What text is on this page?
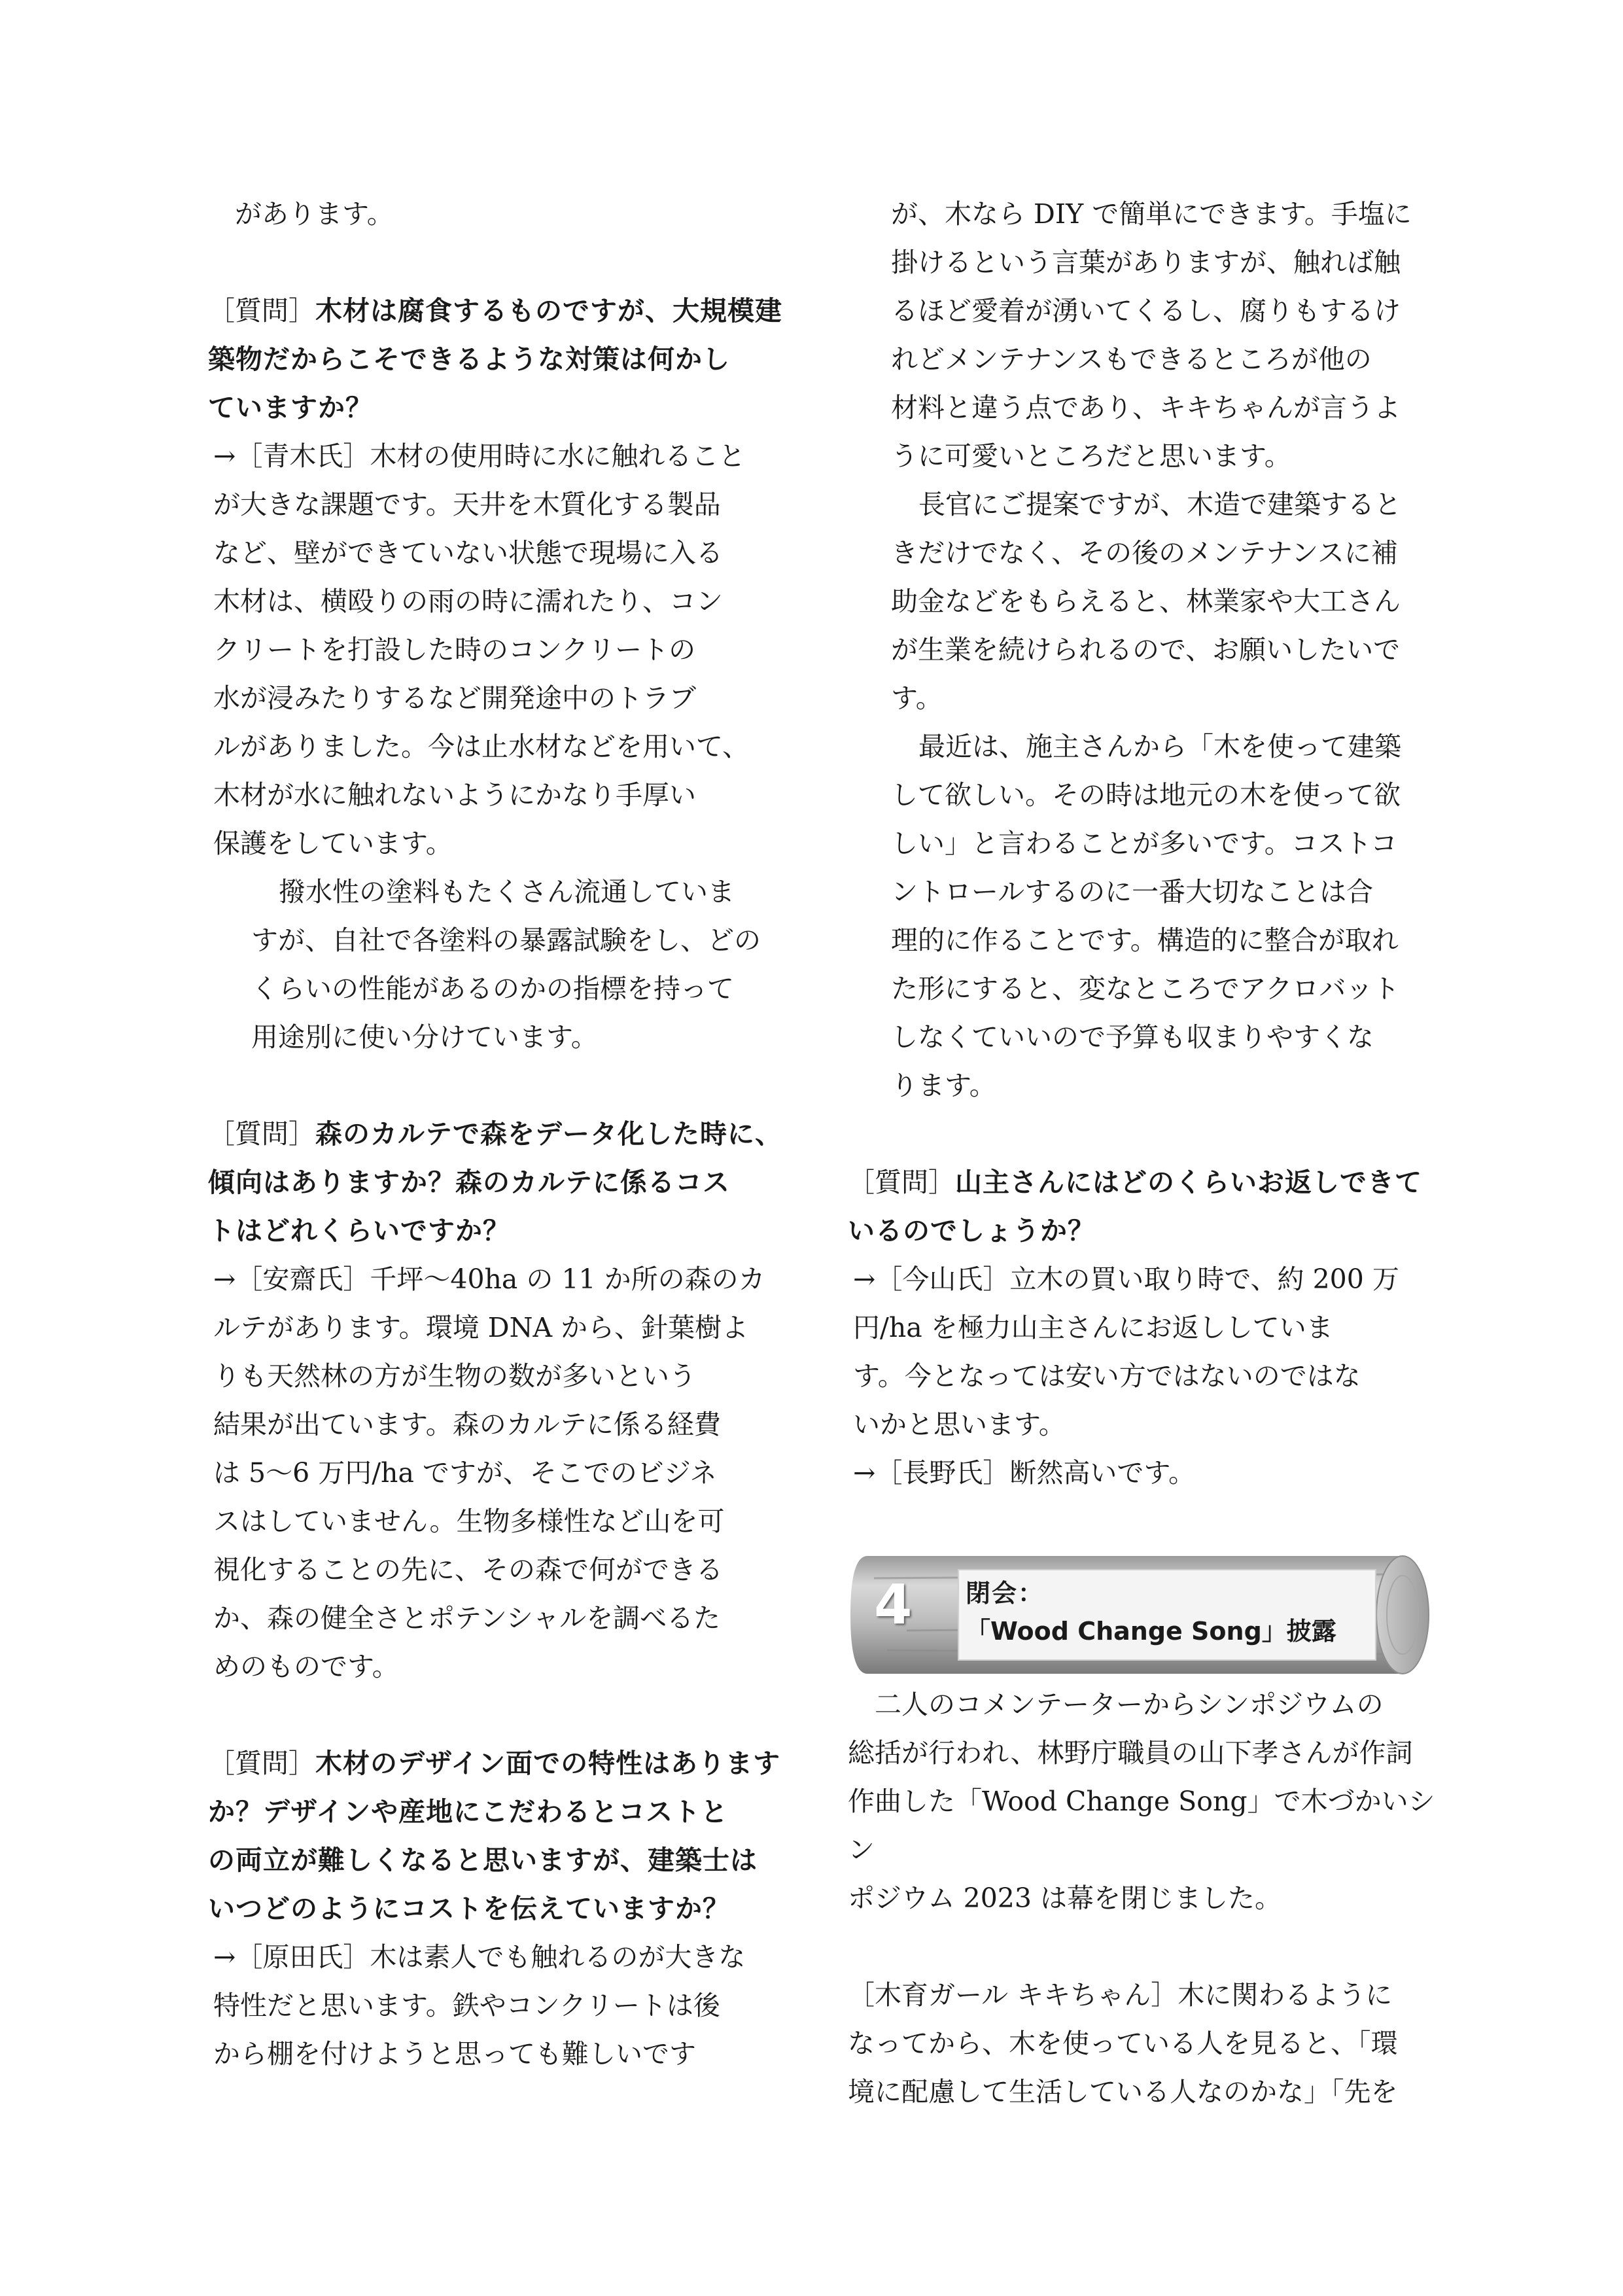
があります。

［質問］木材は腐食するものですが、大規模建
築物だからこそできるような対策は何かし
ていますか？
→［青木氏］木材の使用時に水に触れること
が大きな課題です。天井を木質化する製品
など、壁ができていない状態で現場に入る
木材は、横殴りの雨の時に濡れたり、コン
クリートを打設した時のコンクリートの
水が浸みたりするなど開発途中のトラブ
ルがありました。今は止水材などを用いて、
木材が水に触れないようにかなり手厚い
保護をしています。
撥水性の塗料もたくさん流通していま
すが、自社で各塗料の暴露試験をし、どの
くらいの性能があるのかの指標を持って
用途別に使い分けています。
［質問］森のカルテで森をデータ化した時に、
傾向はありますか？森のカルテに係るコス
トはどれくらいですか？
→［安齋氏］千坪〜40ha の 11 か所の森のカ
ルテがあります。環境 DNA から、針葉樹よ
りも天然林の方が生物の数が多いという
結果が出ています。森のカルテに係る経費
は 5〜6 万円/ha ですが、そこでのビジネ
スはしていません。生物多様性など山を可
視化することの先に、その森で何ができる
か、森の健全さとポテンシャルを調べるた
めのものです。
［質問］木材のデザイン面での特性はあります
か？デザインや産地にこだわるとコストと
の両立が難しくなると思いますが、建築士は
いつどのようにコストを伝えていますか？
→［原田氏］木は素人でも触れるのが大きな
特性だと思います。鉄やコンクリートは後
から棚を付けようと思っても難しいです
が、木なら DIY で簡単にできます。手塩に
掛けるという言葉がありますが、触れば触
るほど愛着が湧いてくるし、腐りもするけ
れどメンテナンスもできるところが他の
材料と違う点であり、キキちゃんが言うよ
うに可愛いところだと思います。
長官にご提案ですが、木造で建築すると
きだけでなく、その後のメンテナンスに補
助金などをもらえると、林業家や大工さん
が生業を続けられるので、お願いしたいで
す。
最近は、施主さんから「木を使って建築
して欲しい。その時は地元の木を使って欲
しい」と言わることが多いです。コストコ
ントロールするのに一番大切なことは合
理的に作ることです。構造的に整合が取れ
た形にすると、変なところでアクロバット
しなくていいので予算も収まりやすくな
ります。
［質問］山主さんにはどのくらいお返しできて
いるのでしょうか？
→［今山氏］立木の買い取り時で、約 200 万
円/ha を極力山主さんにお返ししていま
す。今となっては安い方ではないのではな
いかと思います。
→［長野氏］断然高いです。
4 閉会：
「Wood Change Song」披露

二人のコメンテーターからシンポジウムの

総括が行われ、林野庁職員の山下孝さんが作詞

作曲した「Wood Change Song」で木づかいシン

ポジウム 2023 は幕を閉じました。

［木育ガール キキちゃん］木に関わるように

なってから、木を使っている人を見ると、「環

境に配慮して生活している人なのかな」「先を
